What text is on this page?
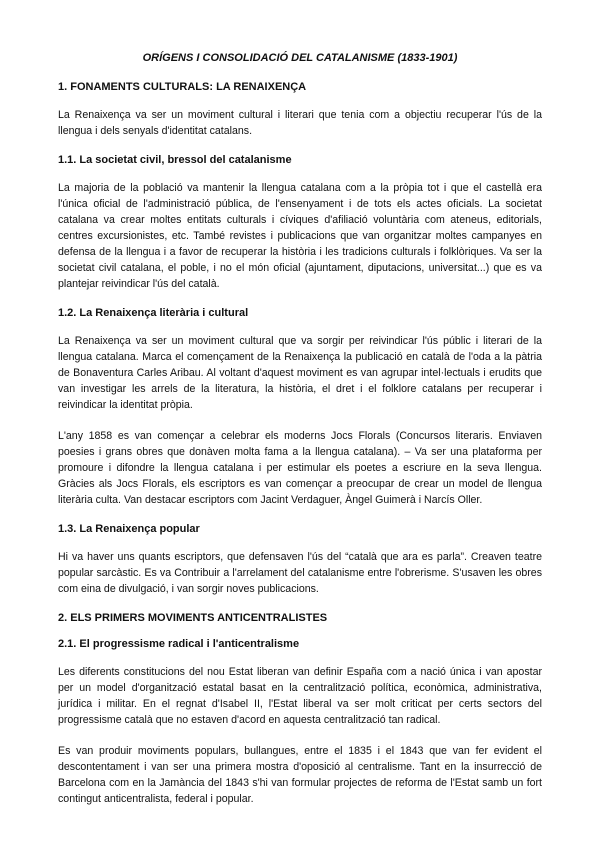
ORÍGENS I CONSOLIDACIÓ DEL CATALANISME (1833-1901)
1. FONAMENTS CULTURALS: LA RENAIXENÇA

La Renaixença va ser un moviment cultural i literari que tenia com a objectiu recuperar l'ús de la llengua i dels senyals d'identitat catalans.

1.1. La societat civil, bressol del catalanisme

La majoria de la població va mantenir la llengua catalana com a la pròpia tot i que el castellà era l'única oficial de l'administració pública, de l'ensenyament i de tots els actes oficials. La societat catalana va crear moltes entitats culturals i cíviques d'afiliació voluntària com ateneus, editorials, centres excursionistes, etc. També revistes i publicacions que van organitzar moltes campanyes en defensa de la llengua i a favor de recuperar la història i les tradicions culturals i folklòriques. Va ser la societat civil catalana, el poble, i no el món oficial (ajuntament, diputacions, universitat...) que es va plantejar reivindicar l'ús del català.

1.2. La Renaixença literària i cultural

La Renaixença va ser un moviment cultural que va sorgir per reivindicar l'ús públic i literari de la llengua catalana. Marca el començament de la Renaixença la publicació en català de l'oda a la pàtria de Bonaventura Carles Aribau. Al voltant d'aquest moviment es van agrupar intel·lectuals i erudits que van investigar les arrels de la literatura, la història, el dret i el folklore catalans per recuperar i reivindicar la identitat pròpia.

L'any 1858 es van començar a celebrar els moderns Jocs Florals (Concursos literaris. Enviaven poesies i grans obres que donàven molta fama a la llengua catalana). – Va ser una plataforma per promoure i difondre la llengua catalana i per estimular els poetes a escriure en la seva llengua. Gràcies als Jocs Florals, els escriptors es van començar a preocupar de crear un model de llengua literària culta. Van destacar escriptors com Jacint Verdaguer, Àngel Guimerà i Narcís Oller.

1.3. La Renaixença popular

Hi va haver uns quants escriptors, que defensaven l'ús del “català que ara es parla”. Creaven teatre popular sarcàstic. Es va Contribuir a l'arrelament del catalanisme entre l'obrerisme. S'usaven les obres com eina de divulgació, i van sorgir noves publicacions.

2. ELS PRIMERS MOVIMENTS ANTICENTRALISTES
2.1. El progressisme radical i l'anticentralisme

Les diferents constitucions del nou Estat liberan van definir España com a nació única i van apostar per un model d'organització estatal basat en la centralització política, econòmica, administrativa, jurídica i militar. En el regnat d'Isabel II, l'Estat liberal va ser molt criticat per certs sectors del progressisme català que no estaven d'acord en aquesta centralització tan radical.

Es van produir moviments populars, bullangues, entre el 1835 i el 1843 que van fer evident el descontentament i van ser una primera mostra d'oposició al centralisme. Tant en la insurrecció de Barcelona com en la Jamància del 1843 s'hi van formular projectes de reforma de l'Estat samb un fort contingut anticentralista, federal i popular.
